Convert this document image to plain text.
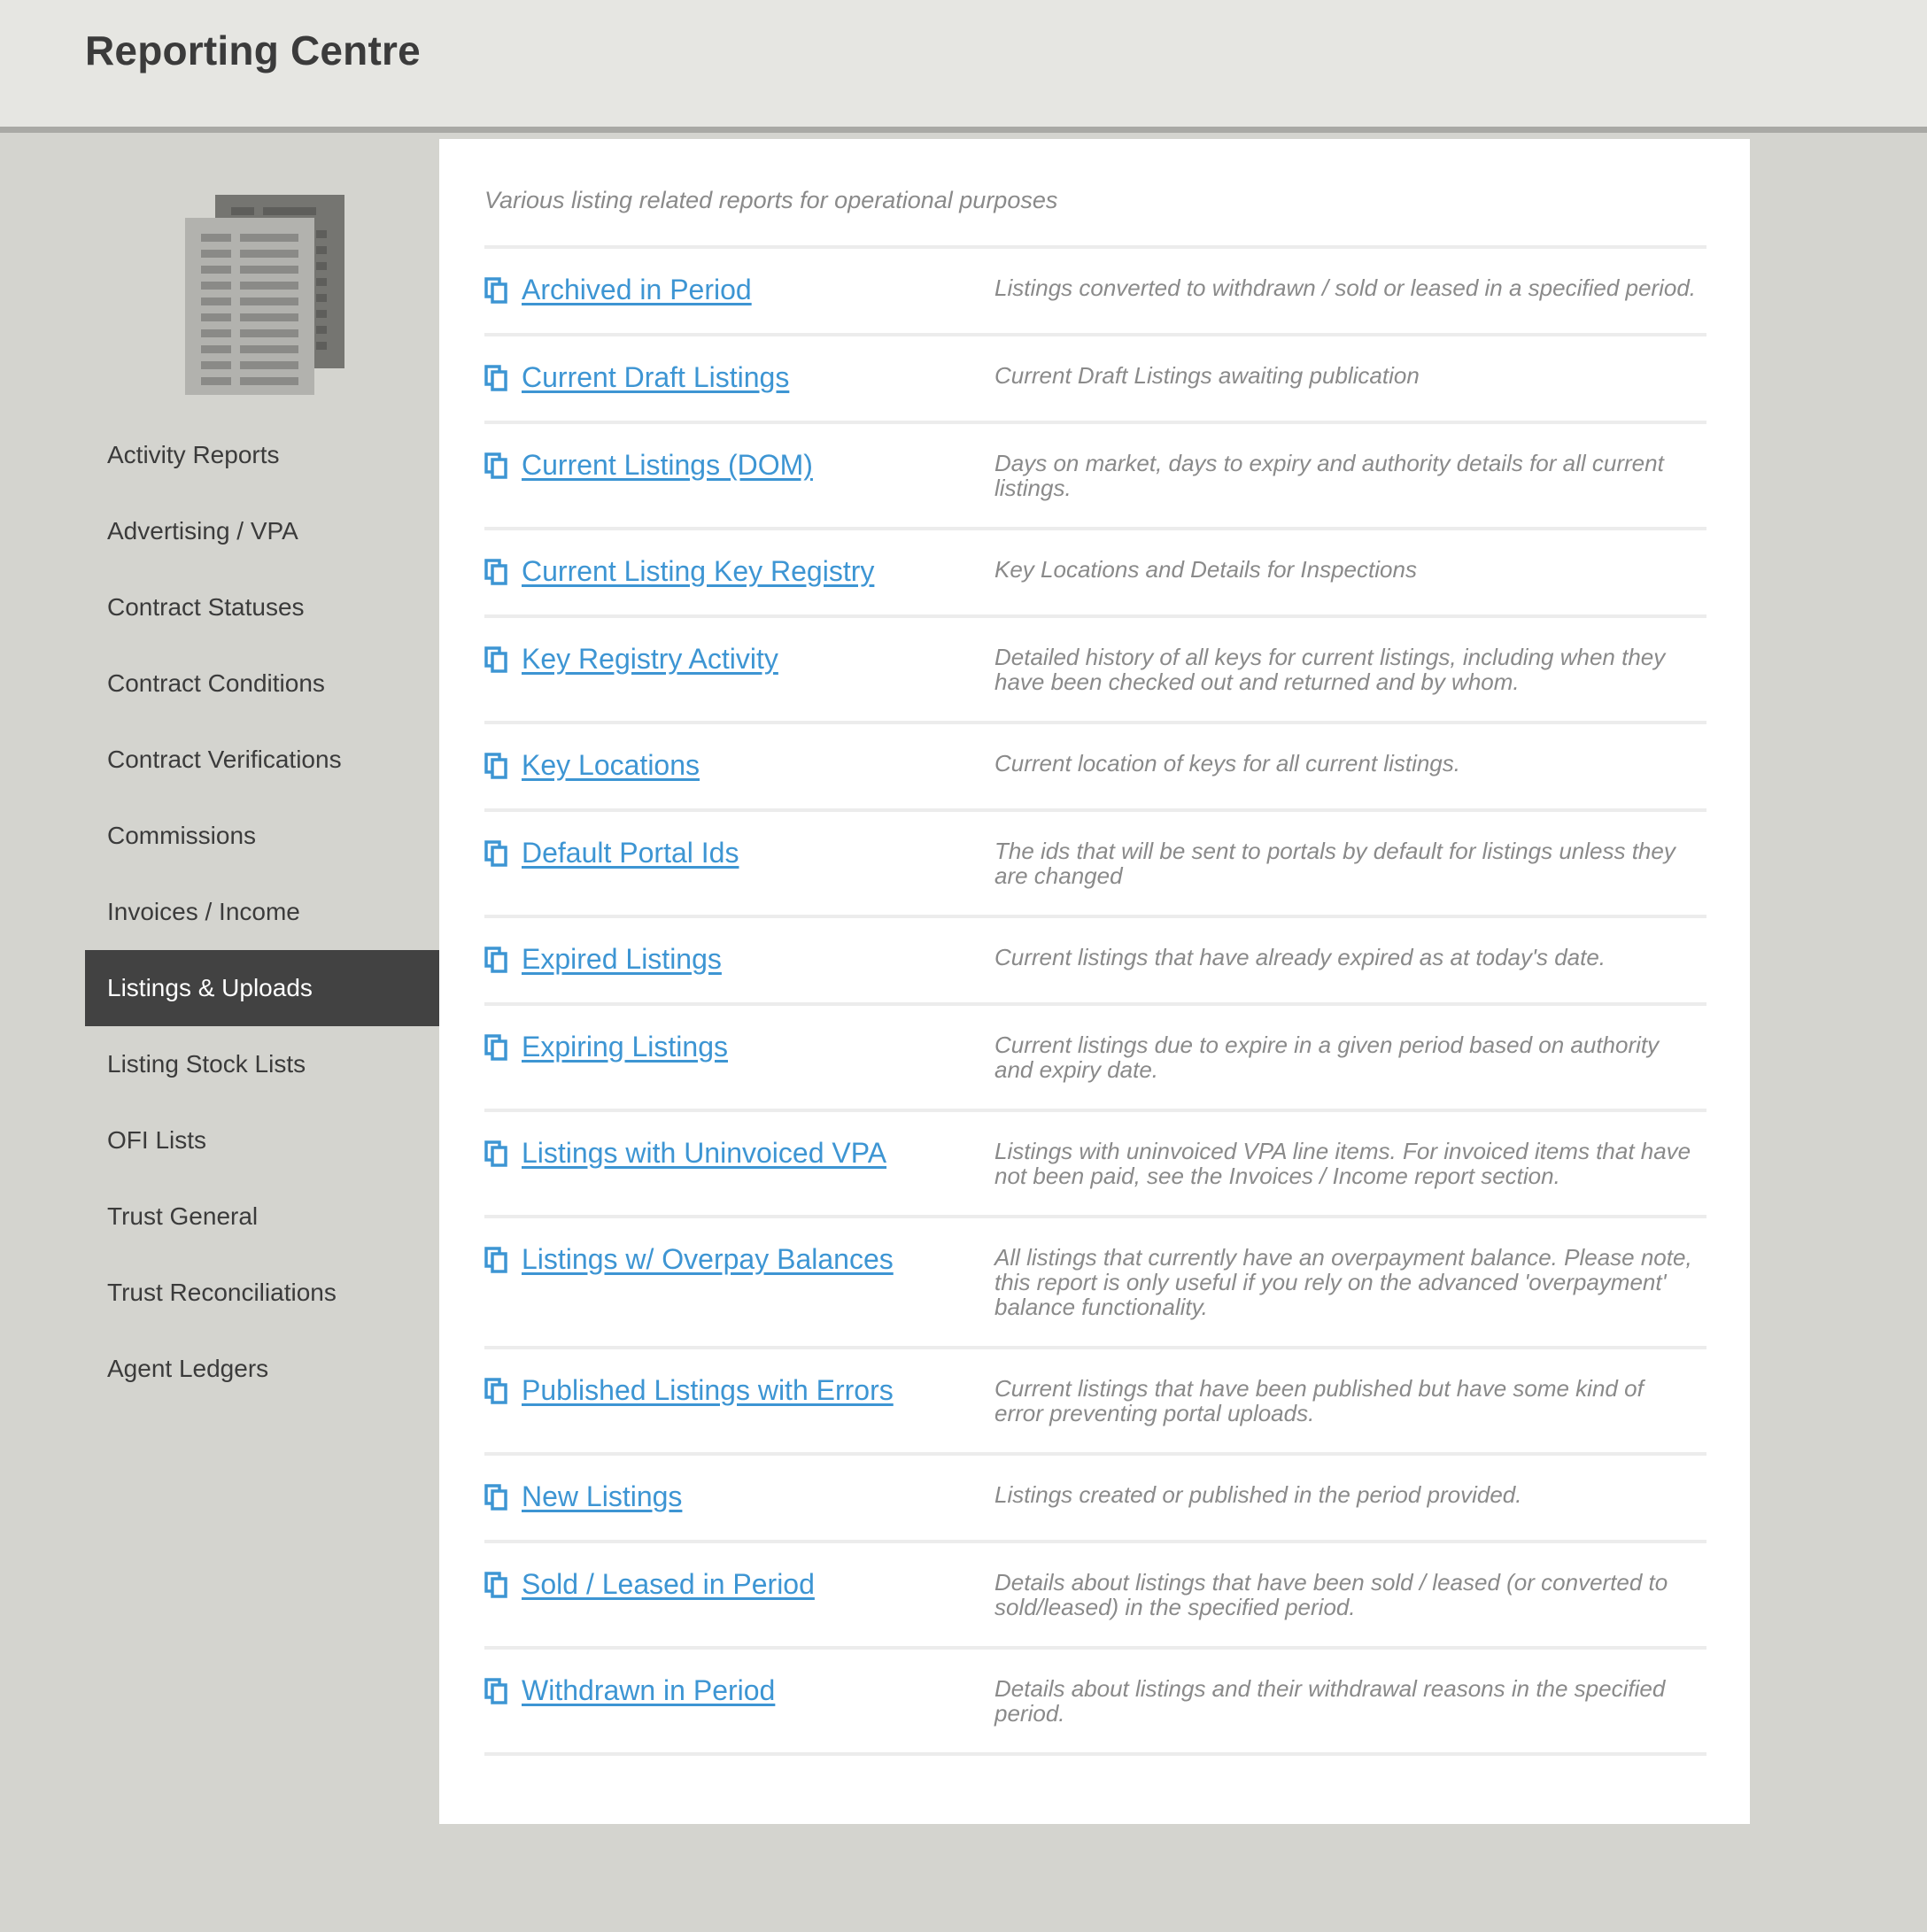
Reporting Centre
Activity Reports
Advertising / VPA
Contract Statuses
Contract Conditions
Contract Verifications
Commissions
Invoices / Income
Listings & Uploads
Listing Stock Lists
OFI Lists
Trust General
Trust Reconciliations
Agent Ledgers
Various listing related reports for operational purposes
Archived in Period	Listings converted to withdrawn / sold or leased in a specified period.
Current Draft Listings	Current Draft Listings awaiting publication
Current Listings (DOM)	Days on market, days to expiry and authority details for all current listings.
Current Listing Key Registry	Key Locations and Details for Inspections
Key Registry Activity	Detailed history of all keys for current listings, including when they have been checked out and returned and by whom.
Key Locations	Current location of keys for all current listings.
Default Portal Ids	The ids that will be sent to portals by default for listings unless they are changed
Expired Listings	Current listings that have already expired as at today's date.
Expiring Listings	Current listings due to expire in a given period based on authority and expiry date.
Listings with Uninvoiced VPA	Listings with uninvoiced VPA line items. For invoiced items that have not been paid, see the Invoices / Income report section.
Listings w/ Overpay Balances	All listings that currently have an overpayment balance. Please note, this report is only useful if you rely on the advanced 'overpayment' balance functionality.
Published Listings with Errors	Current listings that have been published but have some kind of error preventing portal uploads.
New Listings	Listings created or published in the period provided.
Sold / Leased in Period	Details about listings that have been sold / leased (or converted to sold/leased) in the specified period.
Withdrawn in Period	Details about listings and their withdrawal reasons in the specified period.
